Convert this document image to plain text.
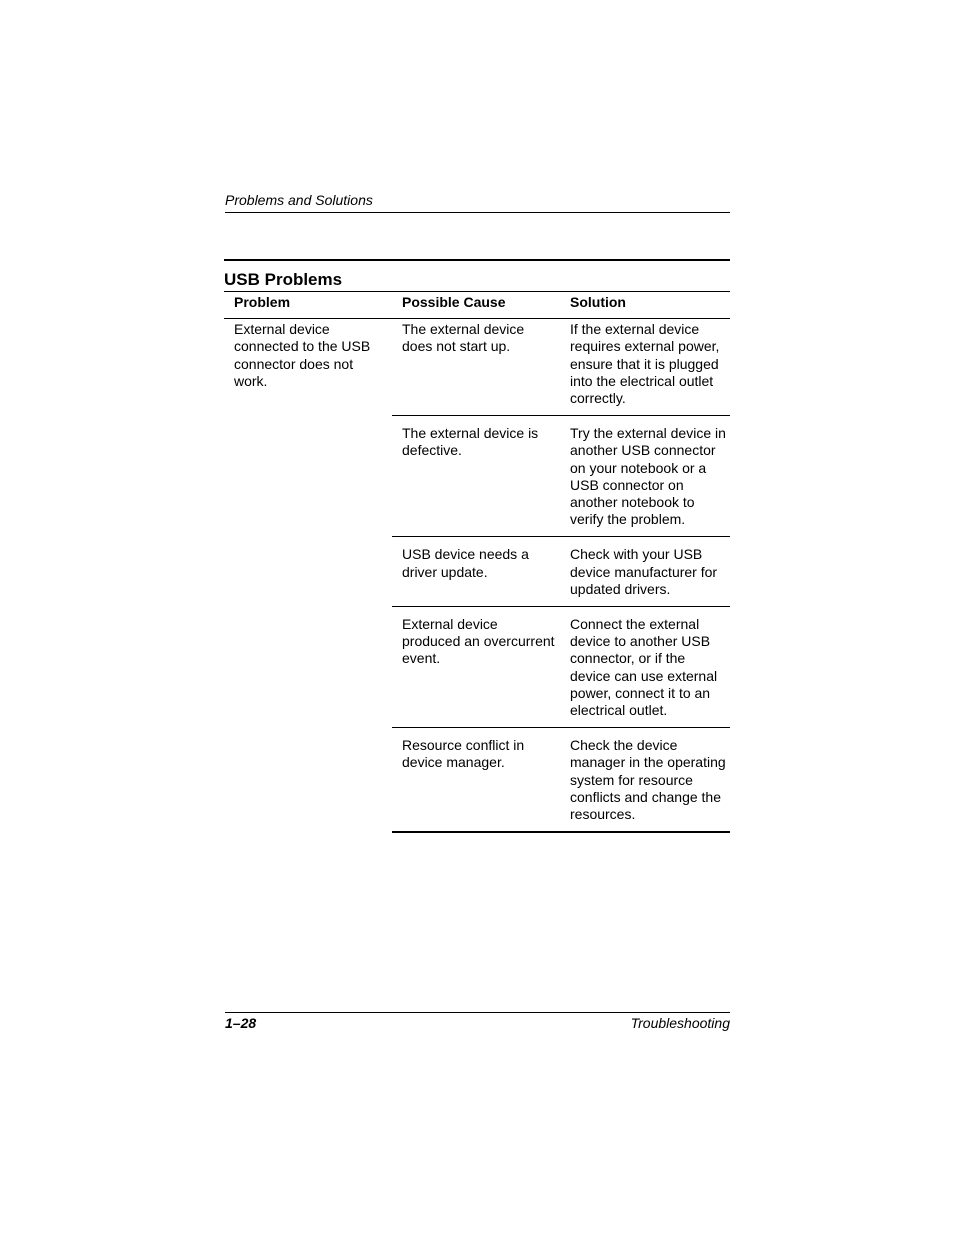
Problems and Solutions
USB Problems
Problem	Possible Cause	Solution
External device connected to the USB connector does not work.	The external device does not start up.	If the external device requires external power, ensure that it is plugged into the electrical outlet correctly.
	The external device is defective.	Try the external device in another USB connector on your notebook or a USB connector on another notebook to verify the problem.
	USB device needs a driver update.	Check with your USB device manufacturer for updated drivers.
	External device produced an overcurrent event.	Connect the external device to another USB connector, or if the device can use external power, connect it to an electrical outlet.
	Resource conflict in device manager.	Check the device manager in the operating system for resource conflicts and change the resources.
1–28	Troubleshooting
